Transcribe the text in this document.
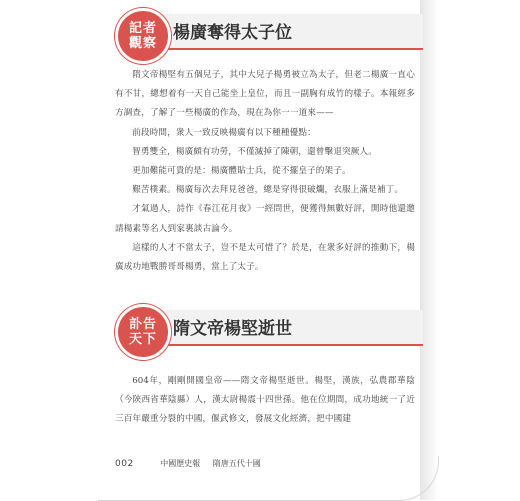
記者
觀察
楊廣奪得太子位

隋文帝楊堅有五個兒子，其中大兒子楊勇被立為太子，但老二楊廣一直心有不甘，總想着有一天自己能坐上皇位，而且一副胸有成竹的樣子。本報經多方調查，了解了一些楊廣的作為，現在為你一一道來——

前段時間，衆人一致反映楊廣有以下種種優點：

智勇雙全，楊廣頗有功勞，不僅滅掉了陳朝，還曾擊退突厥人。

更加難能可貴的是：楊廣體貼士兵，從不擺皇子的架子。

艱苦樸素。楊廣每次去拜見爸爸，總是穿得很破爛，衣服上滿是補丁。

才氣過人，詩作《春江花月夜》一經問世，便獲得無數好評，開時他還邀請楊素等名人到家裏談古論今。

這樣的人才不當太子，豈不是太可惜了？於是，在衆多好評的推動下，楊廣成功地戰勝哥哥楊勇，當上了太子。

訃告
天下
隋文帝楊堅逝世

604年，剛剛開國皇帝——隋文帝楊堅逝世。楊堅，漢族，弘農郡華陰（今陝西省華陰縣）人，漢太尉楊震十四世孫。他在位期間，成功地統一了近三百年嚴重分裂的中國，偃武修文，發展文化經濟，把中國建

002	中國歷史報 隋唐五代十國
